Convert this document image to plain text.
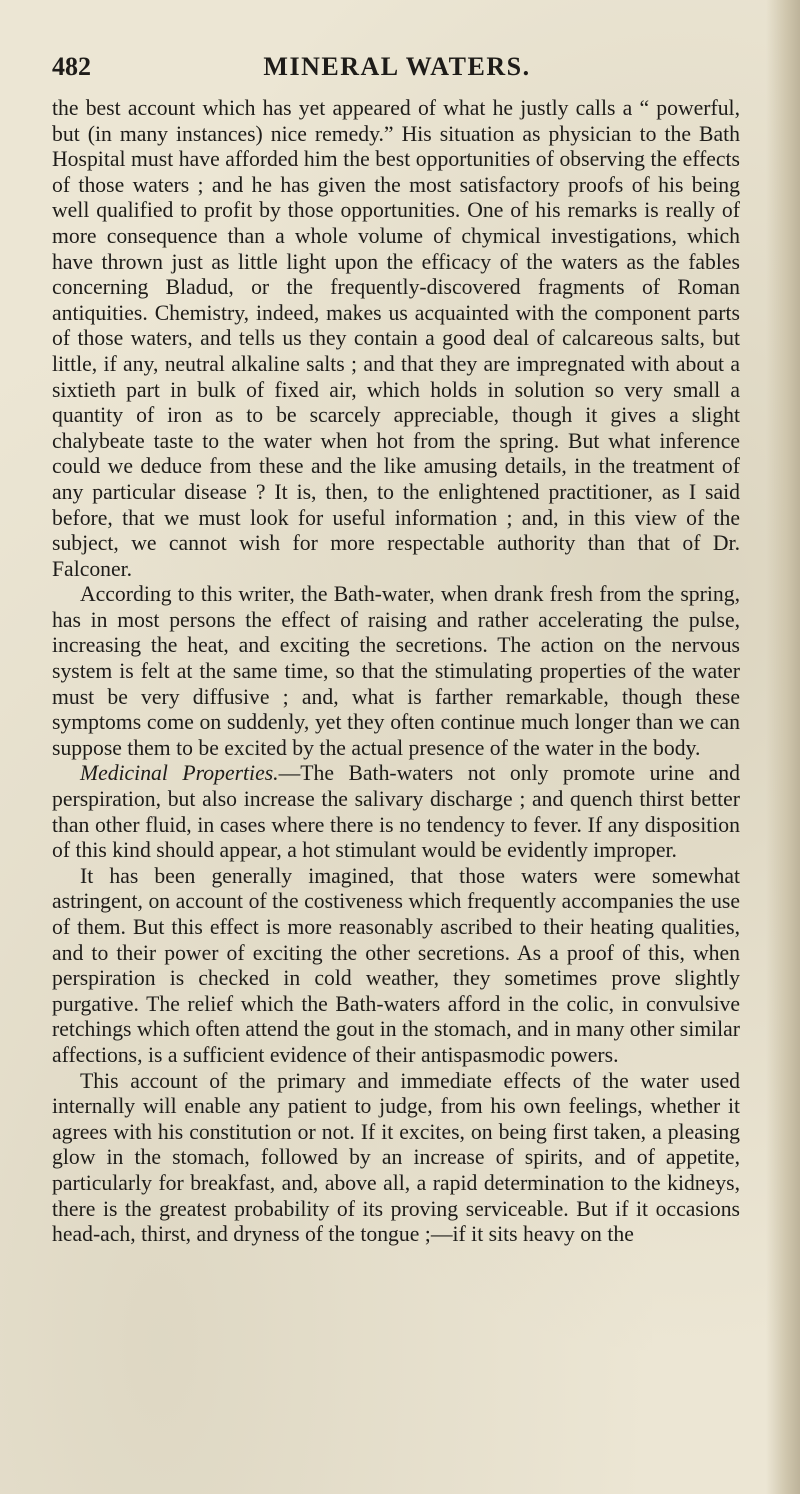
482	MINERAL WATERS.

the best account which has yet appeared of what he justly calls a “ powerful, but (in many instances) nice remedy.” His situation as physician to the Bath Hospital must have afforded him the best opportunities of observing the effects of those waters ; and he has given the most satisfactory proofs of his being well qualified to profit by those opportunities. One of his remarks is really of more consequence than a whole volume of chymical investigations, which have thrown just as little light upon the efficacy of the waters as the fables concerning Bladud, or the frequently-discovered fragments of Roman antiquities. Chemistry, indeed, makes us acquainted with the component parts of those waters, and tells us they contain a good deal of calcareous salts, but little, if any, neutral alkaline salts ; and that they are impregnated with about a sixtieth part in bulk of fixed air, which holds in solution so very small a quantity of iron as to be scarcely appreciable, though it gives a slight chalybeate taste to the water when hot from the spring. But what inference could we deduce from these and the like amusing details, in the treatment of any particular disease ? It is, then, to the enlightened practitioner, as I said before, that we must look for useful information ; and, in this view of the subject, we cannot wish for more respectable authority than that of Dr. Falconer.

According to this writer, the Bath-water, when drank fresh from the spring, has in most persons the effect of raising and rather accelerating the pulse, increasing the heat, and exciting the secretions. The action on the nervous system is felt at the same time, so that the stimulating properties of the water must be very diffusive ; and, what is farther remarkable, though these symptoms come on suddenly, yet they often continue much longer than we can suppose them to be excited by the actual presence of the water in the body.

Medicinal Properties.—The Bath-waters not only promote urine and perspiration, but also increase the salivary discharge ; and quench thirst better than other fluid, in cases where there is no tendency to fever. If any disposition of this kind should appear, a hot stimulant would be evidently improper.

It has been generally imagined, that those waters were somewhat astringent, on account of the costiveness which frequently accompanies the use of them. But this effect is more reasonably ascribed to their heating qualities, and to their power of exciting the other secretions. As a proof of this, when perspiration is checked in cold weather, they sometimes prove slightly purgative. The relief which the Bath-waters afford in the colic, in convulsive retchings which often attend the gout in the stomach, and in many other similar affections, is a sufficient evidence of their antispasmodic powers.

This account of the primary and immediate effects of the water used internally will enable any patient to judge, from his own feelings, whether it agrees with his constitution or not. If it excites, on being first taken, a pleasing glow in the stomach, followed by an increase of spirits, and of appetite, particularly for breakfast, and, above all, a rapid determination to the kidneys, there is the greatest probability of its proving serviceable. But if it occasions head-ach, thirst, and dryness of the tongue ;—if it sits heavy on the
